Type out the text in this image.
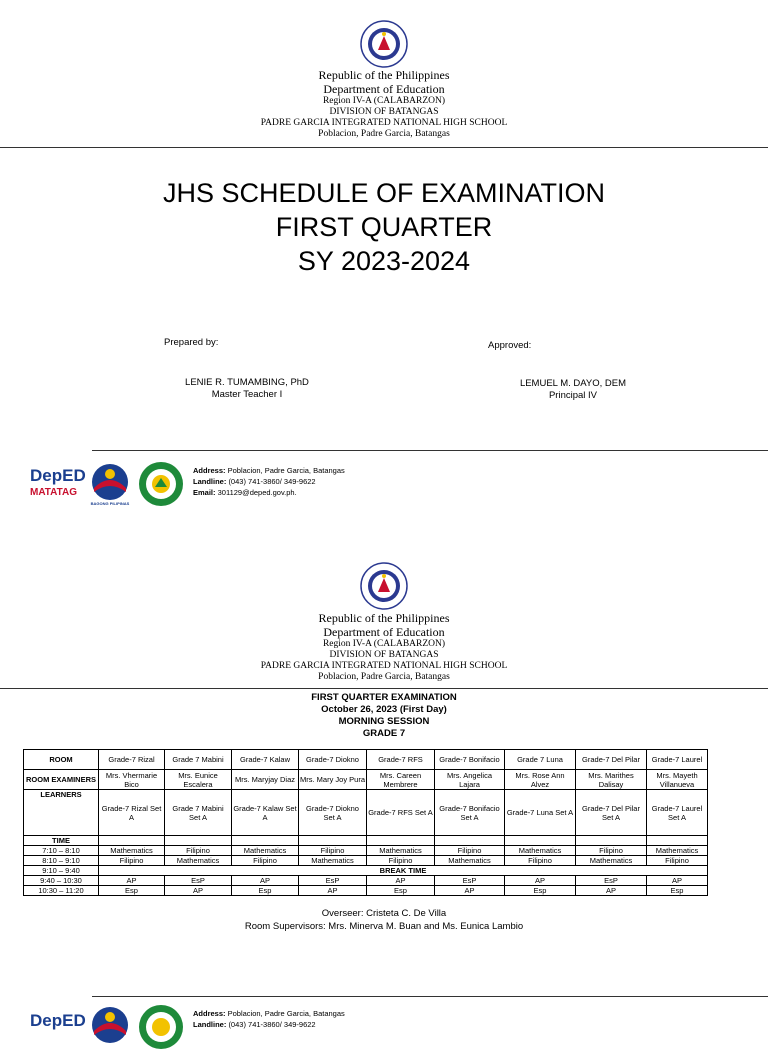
Republic of the Philippines
Department of Education
Region IV-A (CALABARZON)
DIVISION OF BATANGAS
PADRE GARCIA INTEGRATED NATIONAL HIGH SCHOOL
Poblacion, Padre Garcia, Batangas
JHS SCHEDULE OF EXAMINATION
FIRST QUARTER
SY 2023-2024
Prepared by:	Approved:
LENIE R. TUMAMBING, PhD
Master Teacher I
LEMUEL M. DAYO, DEM
Principal IV
DepED
MATATAG
BAGONG PILIPINAS
Address: Poblacion, Padre Garcia, Batangas
Landline: (043) 741-3860/ 349-9622
Email: 301129@deped.gov.ph.
Republic of the Philippines
Department of Education
Region IV-A (CALABARZON)
DIVISION OF BATANGAS
PADRE GARCIA INTEGRATED NATIONAL HIGH SCHOOL
Poblacion, Padre Garcia, Batangas
FIRST QUARTER EXAMINATION
October 26, 2023 (First Day)
MORNING SESSION
GRADE 7
ROOM	Grade-7 Rizal	Grade 7 Mabini	Grade-7 Kalaw	Grade-7 Diokno	Grade-7 RFS	Grade-7 Bonifacio	Grade 7 Luna	Grade-7 Del Pilar	Grade-7 Laurel
ROOM EXAMINERS	Mrs. Vhermarie Bico	Mrs. Eunice Escalera	Mrs. Maryjay Diaz	Mrs. Mary Joy Pura	Mrs. Careen Membrere	Mrs. Angelica Lajara	Mrs. Rose Ann Alvez	Mrs. Marithes Dalisay	Mrs. Mayeth Villanueva
LEARNERS	Grade-7 Rizal Set A	Grade 7 Mabini Set A	Grade-7 Kalaw Set A	Grade-7 Diokno Set A	Grade-7 RFS Set A	Grade-7 Bonifacio Set A	Grade-7 Luna Set A	Grade-7 Del Pilar Set A	Grade-7 Laurel Set A
TIME									
7:10 – 8:10	Mathematics	Filipino	Mathematics	Filipino	Mathematics	Filipino	Mathematics	Filipino	Mathematics
8:10 – 9:10	Filipino	Mathematics	Filipino	Mathematics	Filipino	Mathematics	Filipino	Mathematics	Filipino
9:10 – 9:40	BREAK TIME								
9:40 – 10:30	AP	EsP	AP	EsP	AP	EsP	AP	EsP	AP
10:30 – 11:20	Esp	AP	Esp	AP	Esp	AP	Esp	AP	Esp
Overseer: Cristeta C. De Villa
Room Supervisors: Mrs. Minerva M. Buan and Ms. Eunica Lambio
DepED	Address: Poblacion, Padre Garcia, Batangas
Landline: (043) 741-3860/ 349-9622
